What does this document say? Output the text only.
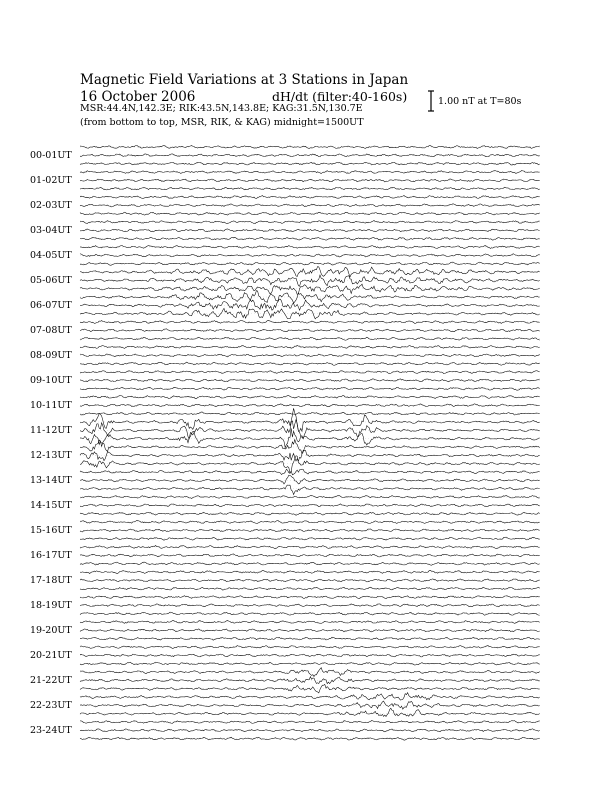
Magnetic Field Variations at 3 Stations in Japan
16 October 2006	dH/dt (filter:40-160s)
MSR:44.4N,142.3E; RIK:43.5N,143.8E; KAG:31.5N,130.7E
(from bottom to top, MSR, RIK, & KAG) midnight=1500UT
1.00 nT at T=80s
00-01UT
01-02UT
02-03UT
03-04UT
04-05UT
05-06UT
06-07UT
07-08UT
08-09UT
09-10UT
10-11UT
11-12UT
12-13UT
13-14UT
14-15UT
15-16UT
16-17UT
17-18UT
18-19UT
19-20UT
20-21UT
21-22UT
22-23UT
23-24UT
